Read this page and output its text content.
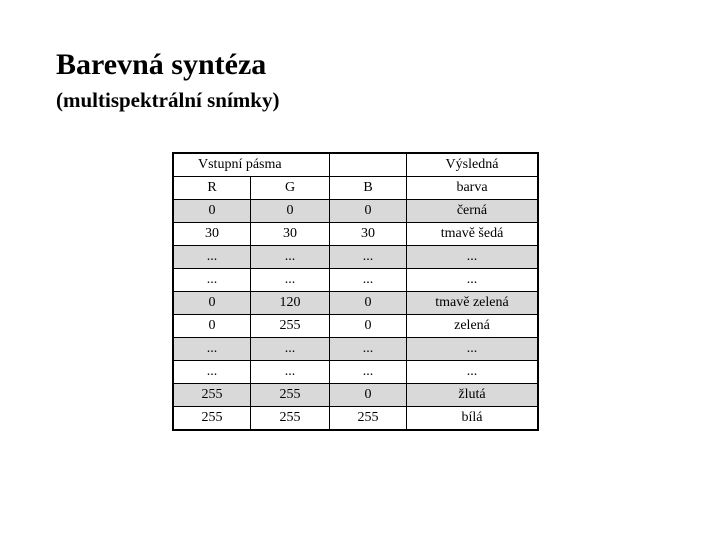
Barevná syntéza
(multispektrální snímky)
Vstupní pásma			Výsledná
R	G	B	barva
0	0	0	černá
30	30	30	tmavě šedá
...	...	...	...
...	...	...	...
0	120	0	tmavě zelená
0	255	0	zelená
...	...	...	...
...	...	...	...
255	255	0	žlutá
255	255	255	bílá
